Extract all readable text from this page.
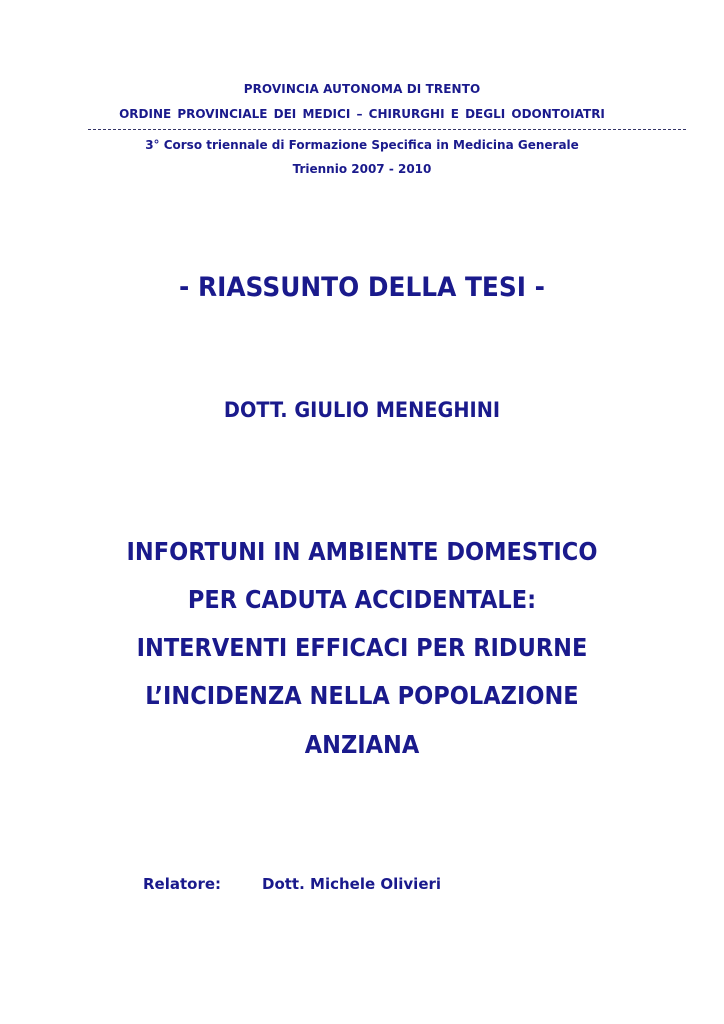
PROVINCIA AUTONOMA DI TRENTO
ORDINE PROVINCIALE DEI MEDICI – CHIRURGHI E DEGLI ODONTOIATRI
3° Corso triennale di Formazione Specifica in Medicina Generale
Triennio 2007 - 2010
- RIASSUNTO DELLA TESI -
DOTT. GIULIO MENEGHINI
INFORTUNI IN AMBIENTE DOMESTICO
PER CADUTA ACCIDENTALE:
INTERVENTI EFFICACI PER RIDURNE
L’INCIDENZA NELLA POPOLAZIONE
ANZIANA
Relatore:	Dott. Michele Olivieri
